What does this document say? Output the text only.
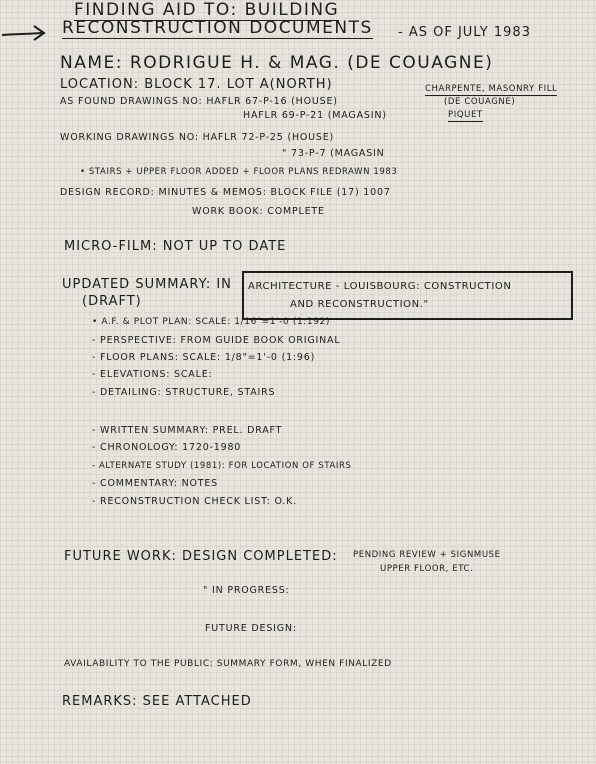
FINDING AID TO: BUILDING
RECONSTRUCTION DOCUMENTS - AS OF JULY 1983
NAME: RODRIGUE H. & MAG. (DE COUAGNE)
LOCATION: BLOCK 17. LOT A(NORTH)
AS FOUND DRAWINGS NO: HAFLR 67-P-16 (HOUSE)
HAFLR 69-P-21 (MAGASIN)
CHARPENTE, MASONRY FILL
(DE COUAGNE)
PIQUET
WORKING DRAWINGS NO: HAFLR 72-P-25 (HOUSE)
" 73-P-7 (MAGASIN
• STAIRS + UPPER FLOOR ADDED + FLOOR PLANS REDRAWN 1983
DESIGN RECORD: MINUTES & MEMOS: BLOCK FILE (17) 1007
WORK BOOK: COMPLETE
MICRO-FILM: NOT UP TO DATE
UPDATED SUMMARY: IN
(DRAFT)
ARCHITECTURE - LOUISBOURG: CONSTRUCTION
AND RECONSTRUCTION."
• A.F. & PLOT PLAN: SCALE: 1/16"=1'-0 (1:192)
- PERSPECTIVE: FROM GUIDE BOOK ORIGINAL
- FLOOR PLANS: SCALE: 1/8"=1'-0 (1:96)
- ELEVATIONS: SCALE:
- DETAILING: STRUCTURE, STAIRS
- WRITTEN SUMMARY: PREL. DRAFT
- CHRONOLOGY: 1720-1980
- ALTERNATE STUDY (1981): FOR LOCATION OF STAIRS
- COMMENTARY: NOTES
- RECONSTRUCTION CHECK LIST: O.K.
FUTURE WORK: DESIGN COMPLETED: PENDING REVIEW + SIGNMUSE
UPPER FLOOR, ETC.
" IN PROGRESS:
FUTURE DESIGN:
AVAILABILITY TO THE PUBLIC: SUMMARY FORM, WHEN FINALIZED
REMARKS: SEE ATTACHED
